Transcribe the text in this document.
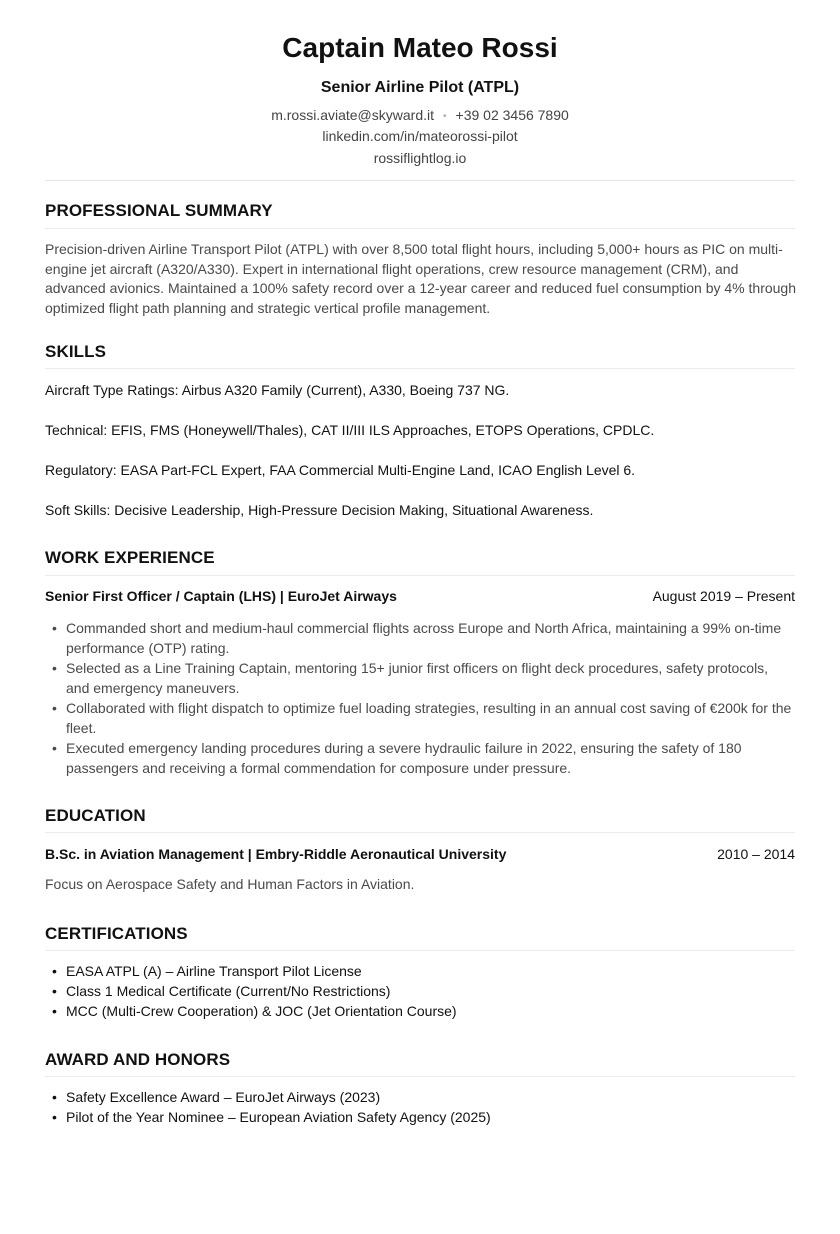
Captain Mateo Rossi
Senior Airline Pilot (ATPL)
m.rossi.aviate@skyward.it • +39 02 3456 7890
linkedin.com/in/mateorossi-pilot
rossiflightlog.io
PROFESSIONAL SUMMARY
Precision-driven Airline Transport Pilot (ATPL) with over 8,500 total flight hours, including 5,000+ hours as PIC on multi-engine jet aircraft (A320/A330). Expert in international flight operations, crew resource management (CRM), and advanced avionics. Maintained a 100% safety record over a 12-year career and reduced fuel consumption by 4% through optimized flight path planning and strategic vertical profile management.
SKILLS
Aircraft Type Ratings: Airbus A320 Family (Current), A330, Boeing 737 NG.
Technical: EFIS, FMS (Honeywell/Thales), CAT II/III ILS Approaches, ETOPS Operations, CPDLC.
Regulatory: EASA Part-FCL Expert, FAA Commercial Multi-Engine Land, ICAO English Level 6.
Soft Skills: Decisive Leadership, High-Pressure Decision Making, Situational Awareness.
WORK EXPERIENCE
Senior First Officer / Captain (LHS) | EuroJet Airways	August 2019 – Present
• Commanded short and medium-haul commercial flights across Europe and North Africa, maintaining a 99% on-time performance (OTP) rating.
• Selected as a Line Training Captain, mentoring 15+ junior first officers on flight deck procedures, safety protocols, and emergency maneuvers.
• Collaborated with flight dispatch to optimize fuel loading strategies, resulting in an annual cost saving of €200k for the fleet.
• Executed emergency landing procedures during a severe hydraulic failure in 2022, ensuring the safety of 180 passengers and receiving a formal commendation for composure under pressure.
EDUCATION
B.Sc. in Aviation Management | Embry-Riddle Aeronautical University	2010 – 2014
Focus on Aerospace Safety and Human Factors in Aviation.
CERTIFICATIONS
• EASA ATPL (A) – Airline Transport Pilot License
• Class 1 Medical Certificate (Current/No Restrictions)
• MCC (Multi-Crew Cooperation) & JOC (Jet Orientation Course)
AWARD AND HONORS
• Safety Excellence Award – EuroJet Airways (2023)
• Pilot of the Year Nominee – European Aviation Safety Agency (2025)
